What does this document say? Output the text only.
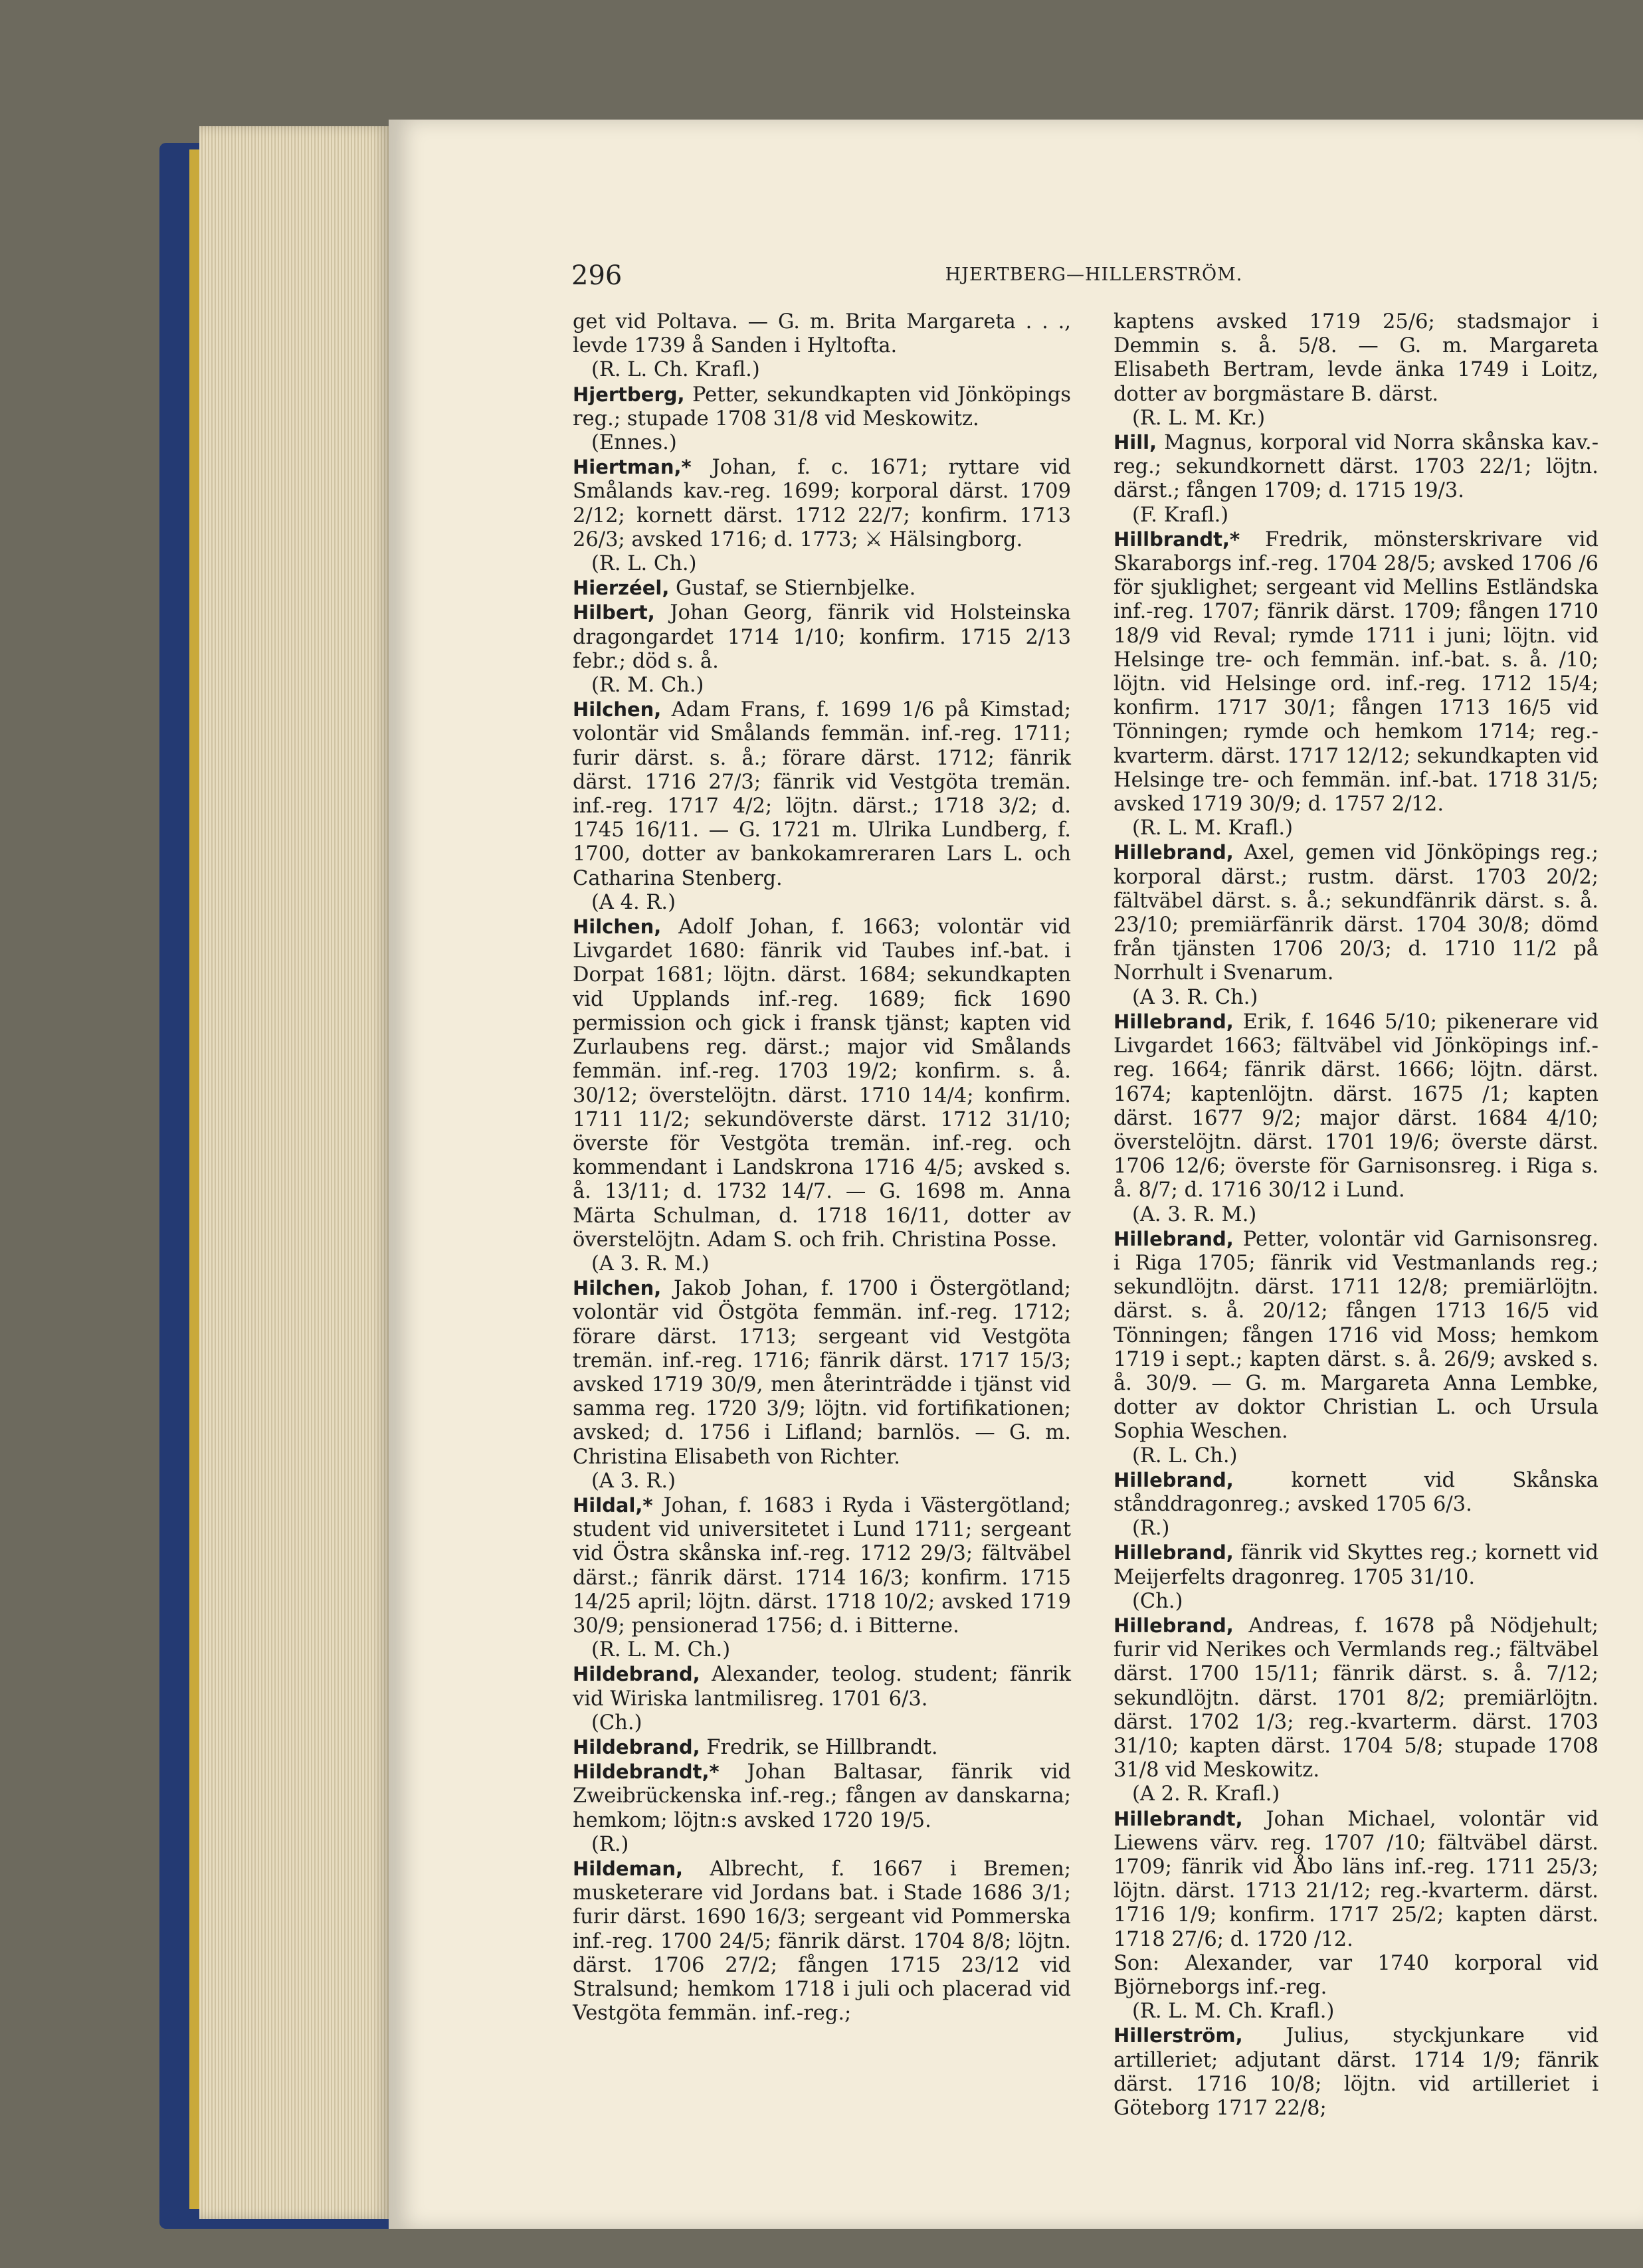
296	HJERTBERG—HILLERSTRÖM.

get vid Poltava. — G. m. Brita Margareta . . ., levde 1739 å Sanden i Hyltofta.

(R. L. Ch. Krafl.)

Hjertberg, Petter, sekundkapten vid Jönköpings reg.; stupade 1708 31/8 vid Meskowitz.

(Ennes.)

Hiertman,* Johan, f. c. 1671; ryttare vid Smålands kav.-reg. 1699; korporal därst. 1709 2/12; kornett därst. 1712 22/7; konfirm. 1713 26/3; avsked 1716; d. 1773; ⚔ Hälsingborg.

(R. L. Ch.)

Hierzéel, Gustaf, se Stiernbjelke.

Hilbert, Johan Georg, fänrik vid Holsteinska dragongardet 1714 1/10; konfirm. 1715 2/13 febr.; död s. å.

(R. M. Ch.)

Hilchen, Adam Frans, f. 1699 1/6 på Kimstad; volontär vid Smålands femmän. inf.-reg. 1711; furir därst. s. å.; förare därst. 1712; fänrik därst. 1716 27/3; fänrik vid Vestgöta tremän. inf.-reg. 1717 4/2; löjtn. därst.; 1718 3/2; d. 1745 16/11. — G. 1721 m. Ulrika Lundberg, f. 1700, dotter av bankokamreraren Lars L. och Catharina Stenberg.

(A 4. R.)

Hilchen, Adolf Johan, f. 1663; volontär vid Livgardet 1680: fänrik vid Taubes inf.-bat. i Dorpat 1681; löjtn. därst. 1684; sekundkapten vid Upplands inf.-reg. 1689; fick 1690 permission och gick i fransk tjänst; kapten vid Zurlaubens reg. därst.; major vid Smålands femmän. inf.-reg. 1703 19/2; konfirm. s. å. 30/12; överstelöjtn. därst. 1710 14/4; konfirm. 1711 11/2; sekundöverste därst. 1712 31/10; överste för Vestgöta tremän. inf.-reg. och kommendant i Landskrona 1716 4/5; avsked s. å. 13/11; d. 1732 14/7. — G. 1698 m. Anna Märta Schulman, d. 1718 16/11, dotter av överstelöjtn. Adam S. och frih. Christina Posse.

(A 3. R. M.)

Hilchen, Jakob Johan, f. 1700 i Östergötland; volontär vid Östgöta femmän. inf.-reg. 1712; förare därst. 1713; sergeant vid Vestgöta tremän. inf.-reg. 1716; fänrik därst. 1717 15/3; avsked 1719 30/9, men återinträdde i tjänst vid samma reg. 1720 3/9; löjtn. vid fortifikationen; avsked; d. 1756 i Lifland; barnlös. — G. m. Christina Elisabeth von Richter.

(A 3. R.)

Hildal,* Johan, f. 1683 i Ryda i Västergötland; student vid universitetet i Lund 1711; sergeant vid Östra skånska inf.-reg. 1712 29/3; fältväbel därst.; fänrik därst. 1714 16/3; konfirm. 1715 14/25 april; löjtn. därst. 1718 10/2; avsked 1719 30/9; pensionerad 1756; d. i Bitterne.

(R. L. M. Ch.)

Hildebrand, Alexander, teolog. student; fänrik vid Wiriska lantmilisreg. 1701 6/3.

(Ch.)

Hildebrand, Fredrik, se Hillbrandt.

Hildebrandt,* Johan Baltasar, fänrik vid Zweibrückenska inf.-reg.; fången av danskarna; hemkom; löjtn:s avsked 1720 19/5.

(R.)

Hildeman, Albrecht, f. 1667 i Bremen; musketerare vid Jordans bat. i Stade 1686 3/1; furir därst. 1690 16/3; sergeant vid Pommerska inf.-reg. 1700 24/5; fänrik därst. 1704 8/8; löjtn. därst. 1706 27/2; fången 1715 23/12 vid Stralsund; hemkom 1718 i juli och placerad vid Vestgöta femmän. inf.-reg.;

kaptens avsked 1719 25/6; stadsmajor i Demmin s. å. 5/8. — G. m. Margareta Elisabeth Bertram, levde änka 1749 i Loitz, dotter av borgmästare B. därst.

(R. L. M. Kr.)

Hill, Magnus, korporal vid Norra skånska kav.-reg.; sekundkornett därst. 1703 22/1; löjtn. därst.; fången 1709; d. 1715 19/3.

(F. Krafl.)

Hillbrandt,* Fredrik, mönsterskrivare vid Skaraborgs inf.-reg. 1704 28/5; avsked 1706 /6 för sjuklighet; sergeant vid Mellins Estländska inf.-reg. 1707; fänrik därst. 1709; fången 1710 18/9 vid Reval; rymde 1711 i juni; löjtn. vid Helsinge tre- och femmän. inf.-bat. s. å. /10; löjtn. vid Helsinge ord. inf.-reg. 1712 15/4; konfirm. 1717 30/1; fången 1713 16/5 vid Tönningen; rymde och hemkom 1714; reg.-kvarterm. därst. 1717 12/12; sekundkapten vid Helsinge tre- och femmän. inf.-bat. 1718 31/5; avsked 1719 30/9; d. 1757 2/12.

(R. L. M. Krafl.)

Hillebrand, Axel, gemen vid Jönköpings reg.; korporal därst.; rustm. därst. 1703 20/2; fältväbel därst. s. å.; sekundfänrik därst. s. å. 23/10; premiärfänrik därst. 1704 30/8; dömd från tjänsten 1706 20/3; d. 1710 11/2 på Norrhult i Svenarum.

(A 3. R. Ch.)

Hillebrand, Erik, f. 1646 5/10; pikenerare vid Livgardet 1663; fältväbel vid Jönköpings inf.-reg. 1664; fänrik därst. 1666; löjtn. därst. 1674; kaptenlöjtn. därst. 1675 /1; kapten därst. 1677 9/2; major därst. 1684 4/10; överstelöjtn. därst. 1701 19/6; överste därst. 1706 12/6; överste för Garnisonsreg. i Riga s. å. 8/7; d. 1716 30/12 i Lund.

(A. 3. R. M.)

Hillebrand, Petter, volontär vid Garnisonsreg. i Riga 1705; fänrik vid Vestmanlands reg.; sekundlöjtn. därst. 1711 12/8; premiärlöjtn. därst. s. å. 20/12; fången 1713 16/5 vid Tönningen; fången 1716 vid Moss; hemkom 1719 i sept.; kapten därst. s. å. 26/9; avsked s. å. 30/9. — G. m. Margareta Anna Lembke, dotter av doktor Christian L. och Ursula Sophia Weschen.

(R. L. Ch.)

Hillebrand, kornett vid Skånska stånddragonreg.; avsked 1705 6/3.

(R.)

Hillebrand, fänrik vid Skyttes reg.; kornett vid Meijerfelts dragonreg. 1705 31/10.

(Ch.)

Hillebrand, Andreas, f. 1678 på Nödjehult; furir vid Nerikes och Vermlands reg.; fältväbel därst. 1700 15/11; fänrik därst. s. å. 7/12; sekundlöjtn. därst. 1701 8/2; premiärlöjtn. därst. 1702 1/3; reg.-kvarterm. därst. 1703 31/10; kapten därst. 1704 5/8; stupade 1708 31/8 vid Meskowitz.

(A 2. R. Krafl.)

Hillebrandt, Johan Michael, volontär vid Liewens värv. reg. 1707 /10; fältväbel därst. 1709; fänrik vid Åbo läns inf.-reg. 1711 25/3; löjtn. därst. 1713 21/12; reg.-kvarterm. därst. 1716 1/9; konfirm. 1717 25/2; kapten därst. 1718 27/6; d. 1720 /12.

Son: Alexander, var 1740 korporal vid Björneborgs inf.-reg.

(R. L. M. Ch. Krafl.)

Hillerström, Julius, styckjunkare vid artilleriet; adjutant därst. 1714 1/9; fänrik därst. 1716 10/8; löjtn. vid artilleriet i Göteborg 1717 22/8;
